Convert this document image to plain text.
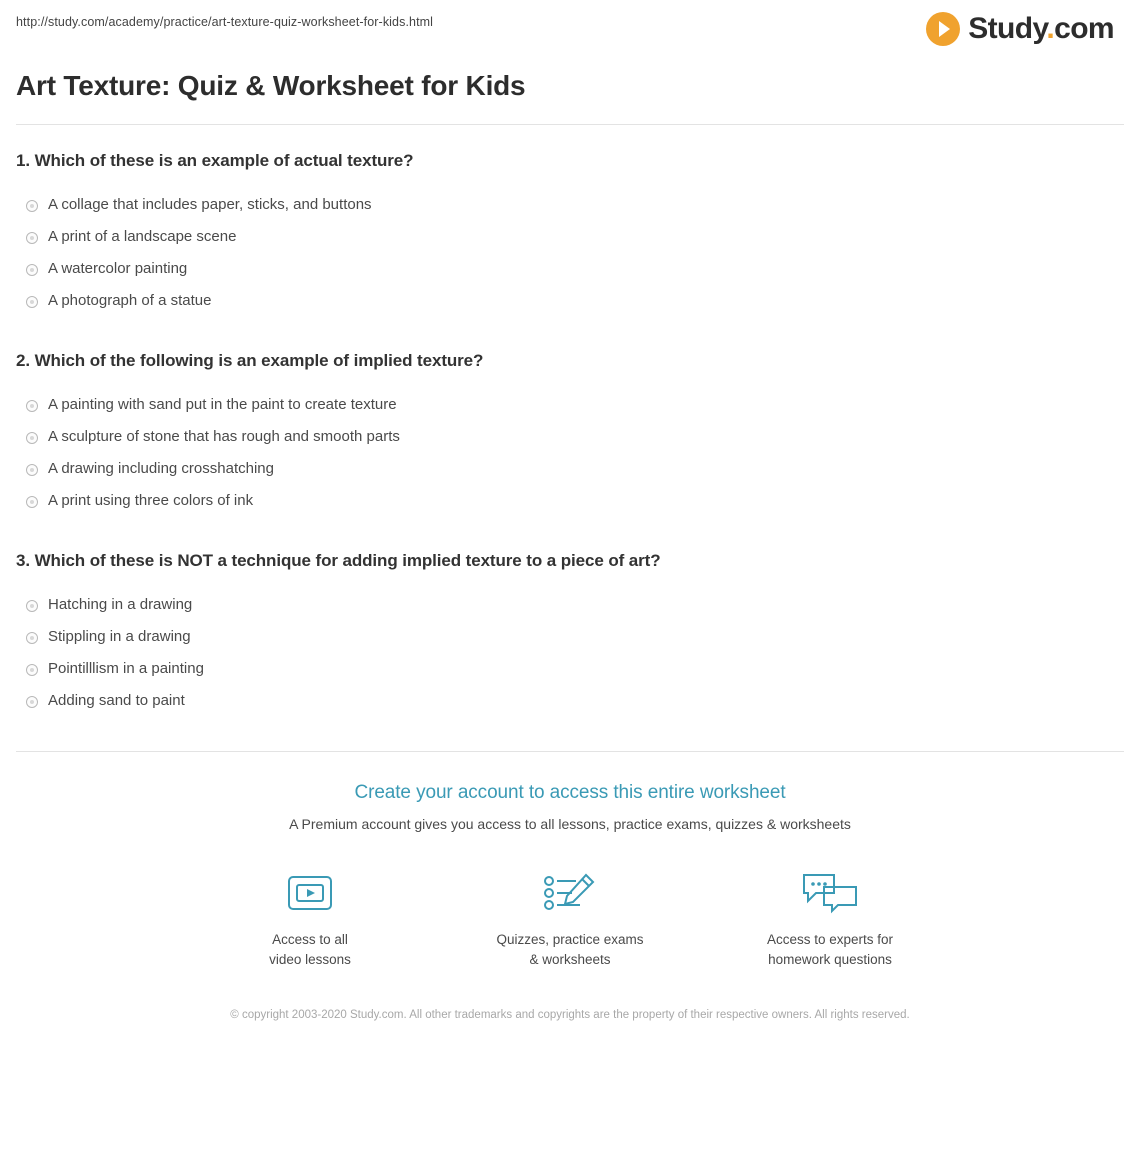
http://study.com/academy/practice/art-texture-quiz-worksheet-for-kids.html	Study.com
Art Texture: Quiz & Worksheet for Kids

1. Which of these is an example of actual texture?

A collage that includes paper, sticks, and buttons
A print of a landscape scene
A watercolor painting
A photograph of a statue

2. Which of the following is an example of implied texture?

A painting with sand put in the paint to create texture
A sculpture of stone that has rough and smooth parts
A drawing including crosshatching
A print using three colors of ink

3. Which of these is NOT a technique for adding implied texture to a piece of art?

Hatching in a drawing
Stippling in a drawing
Pointilllism in a painting
Adding sand to paint
Create your account to access this entire worksheet
A Premium account gives you access to all lessons, practice exams, quizzes & worksheets
Access to all
video lessons
Quizzes, practice exams
& worksheets
Access to experts for
homework questions
© copyright 2003-2020 Study.com. All other trademarks and copyrights are the property of their respective owners. All rights reserved.
